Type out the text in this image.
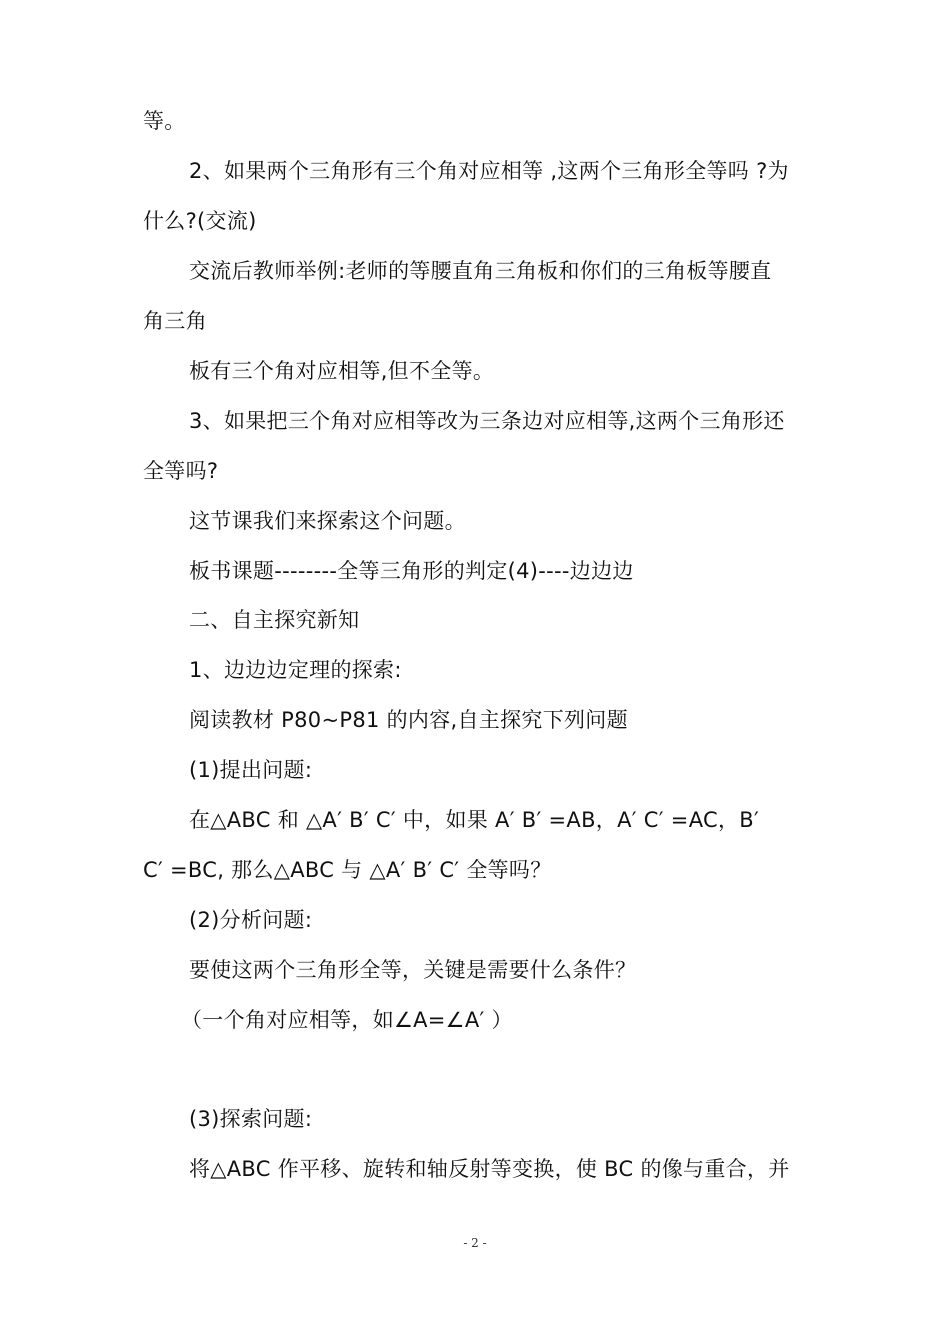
等。
2、如果两个三角形有三个角对应相等 ,这两个三角形全等吗 ?为
什么?(交流)
交流后教师举例:老师的等腰直角三角板和你们的三角板等腰直
角三角
板有三个角对应相等,但不全等。
3、如果把三个角对应相等改为三条边对应相等,这两个三角形还
全等吗?
这节课我们来探索这个问题。
板书课题--------全等三角形的判定(4)----边边边
二、自主探究新知
1、边边边定理的探索:
阅读教材 P80~P81 的内容,自主探究下列问题
(1)提出问题:
在△ABC 和 △A′ B′ C′ 中，如果 A′ B′ =AB，A′ C′ =AC，B′
C′ =BC, 那么△ABC 与 △A′ B′ C′ 全等吗？
(2)分析问题:
要使这两个三角形全等，关键是需要什么条件？
（一个角对应相等，如∠A=∠A′ ）
(3)探索问题:
将△ABC 作平移、旋转和轴反射等变换，使 BC 的像与重合，并
- 2 -
